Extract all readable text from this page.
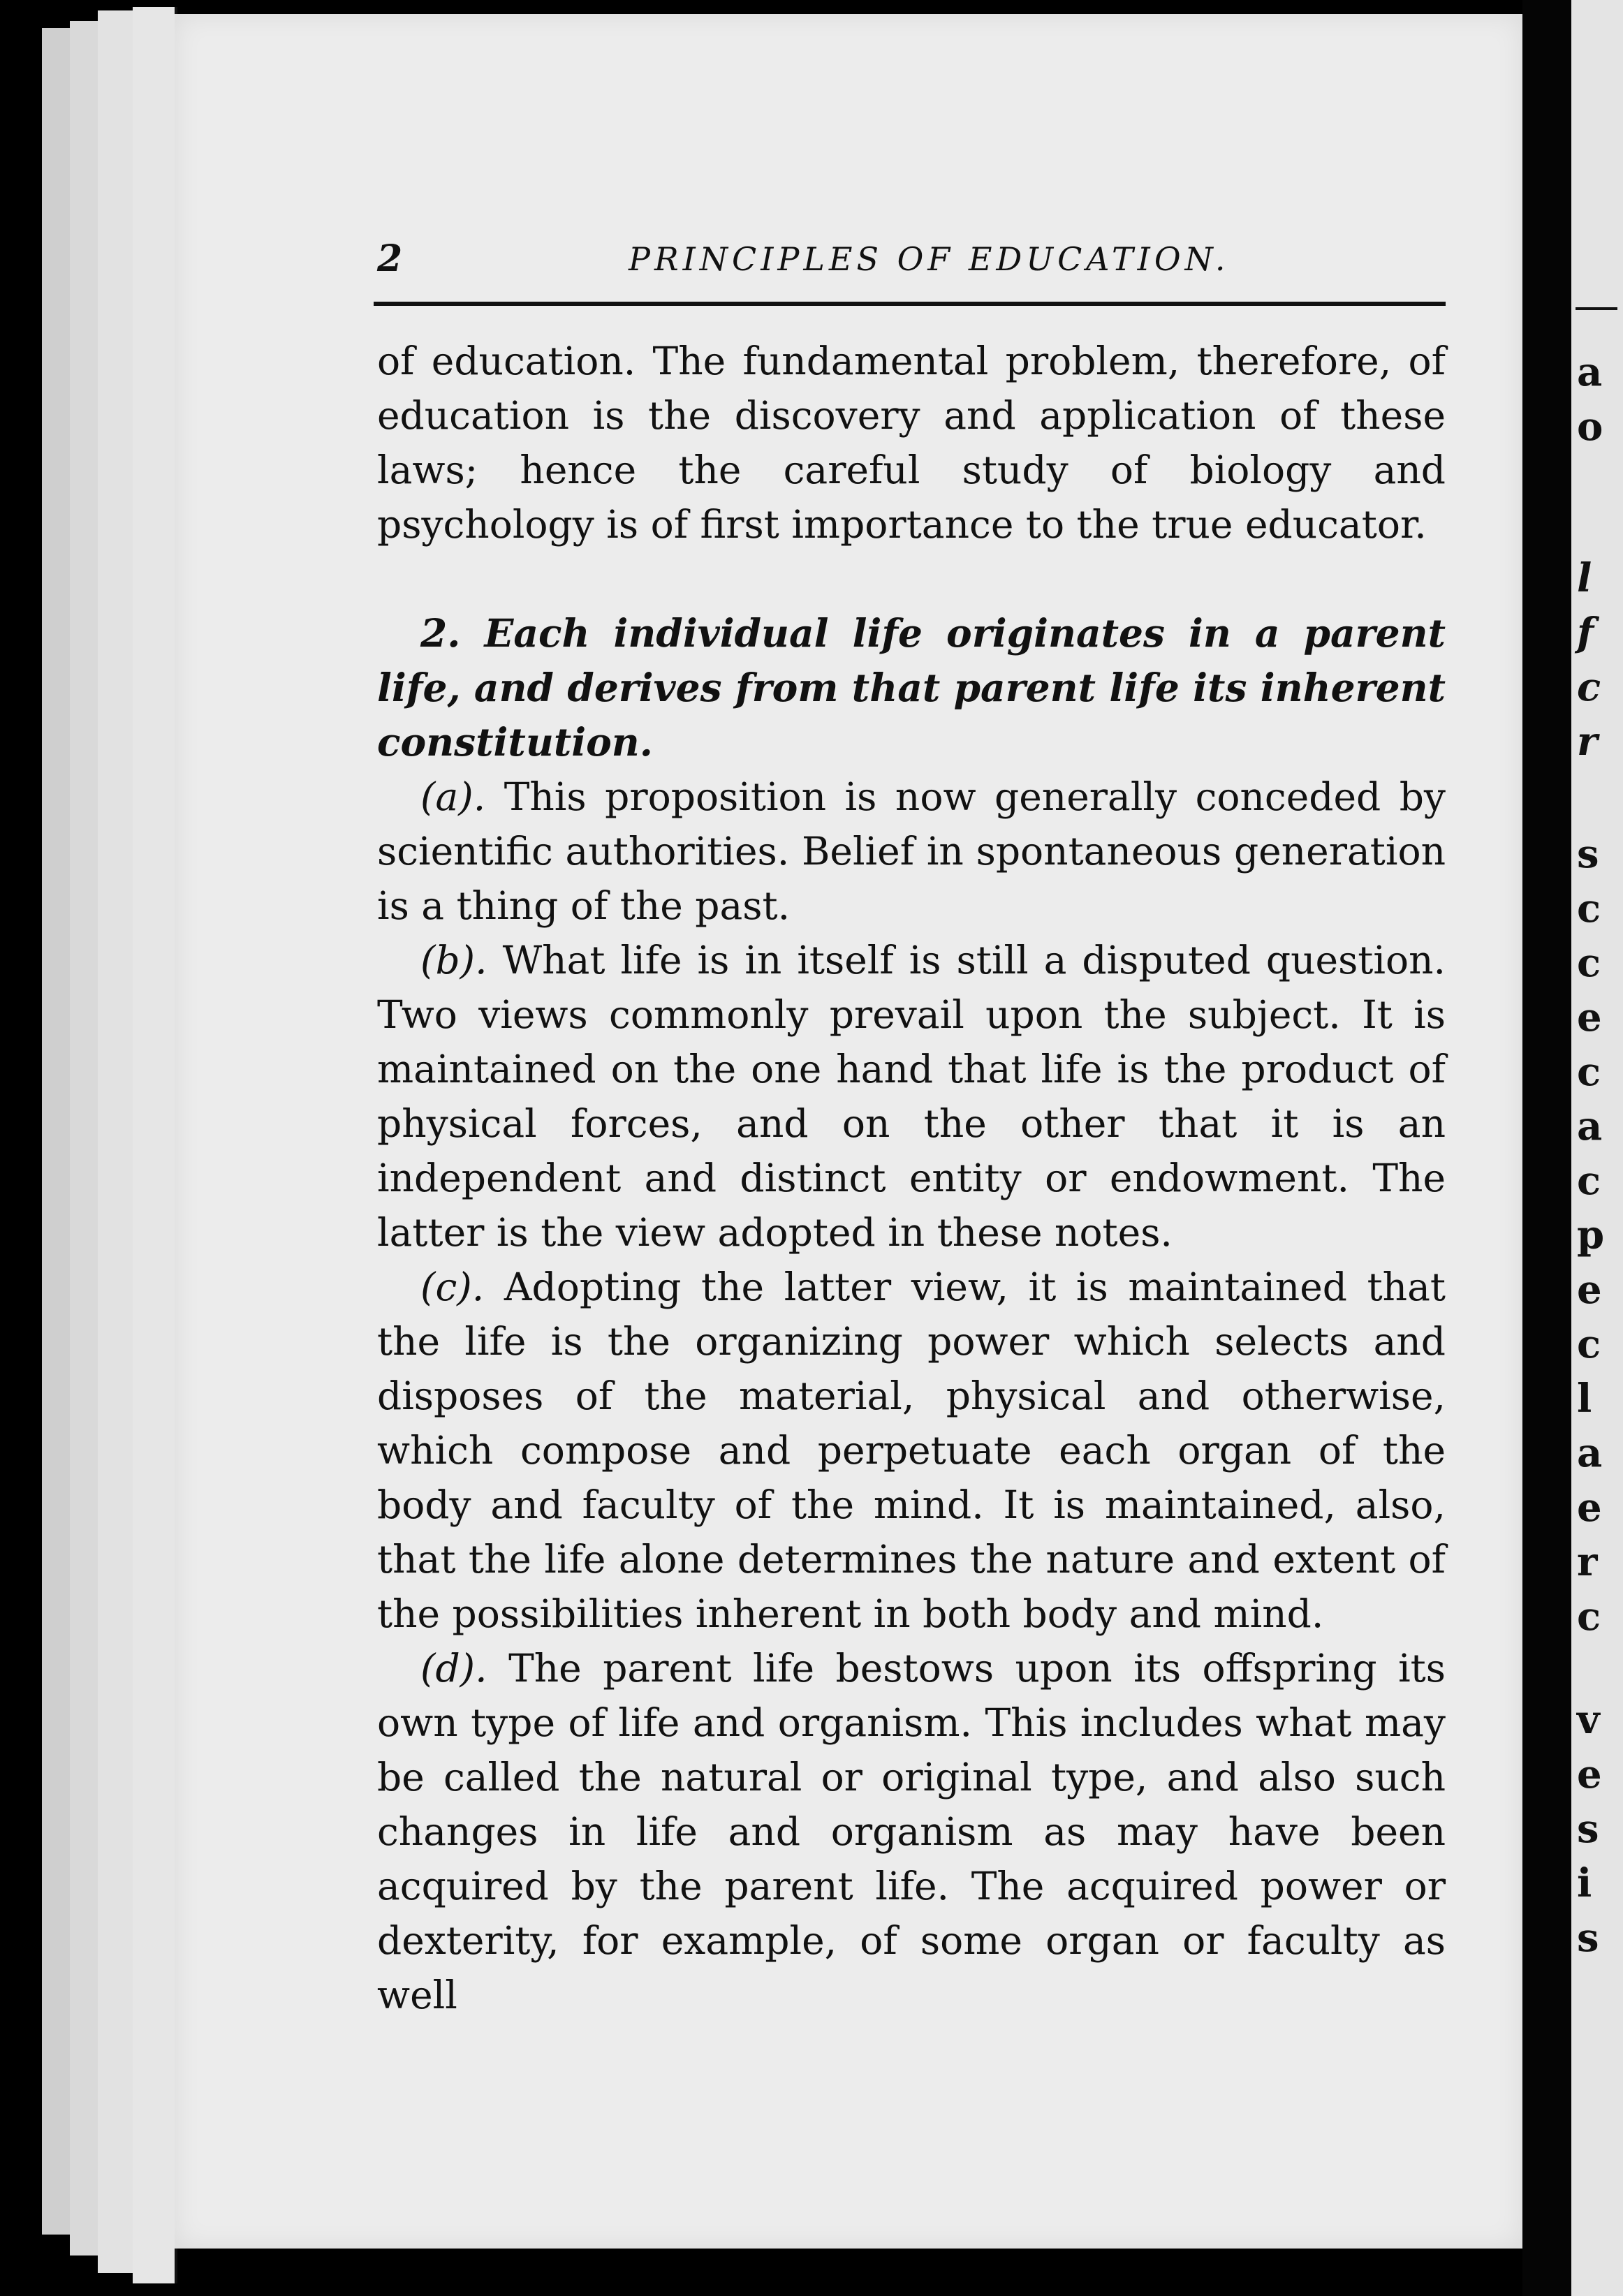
2	PRINCIPLES OF EDUCATION.

of education. The fundamental problem, therefore, of education is the discovery and application of these laws; hence the careful study of biology and psychology is of first importance to the true educator.

2. Each individual life originates in a parent life, and derives from that parent life its inherent constitution.

(a). This proposition is now generally conceded by scientific authorities. Belief in spontaneous generation is a thing of the past.

(b). What life is in itself is still a disputed question. Two views commonly prevail upon the subject. It is maintained on the one hand that life is the product of physical forces, and on the other that it is an independent and distinct entity or endowment. The latter is the view adopted in these notes.

(c). Adopting the latter view, it is maintained that the life is the organizing power which selects and disposes of the material, physical and otherwise, which compose and perpetuate each organ of the body and faculty of the mind. It is maintained, also, that the life alone determines the nature and extent of the possibilities inherent in both body and mind.

(d). The parent life bestows upon its offspring its own type of life and organism. This includes what may be called the natural or original type, and also such changes in life and organism as may have been acquired by the parent life. The acquired power or dexterity, for example, of some organ or faculty as well

a
o
l
f
c
r
s
c
c
e
c
a
c
p
e
c
l
a
e
r
c
v
e
s
i
s
